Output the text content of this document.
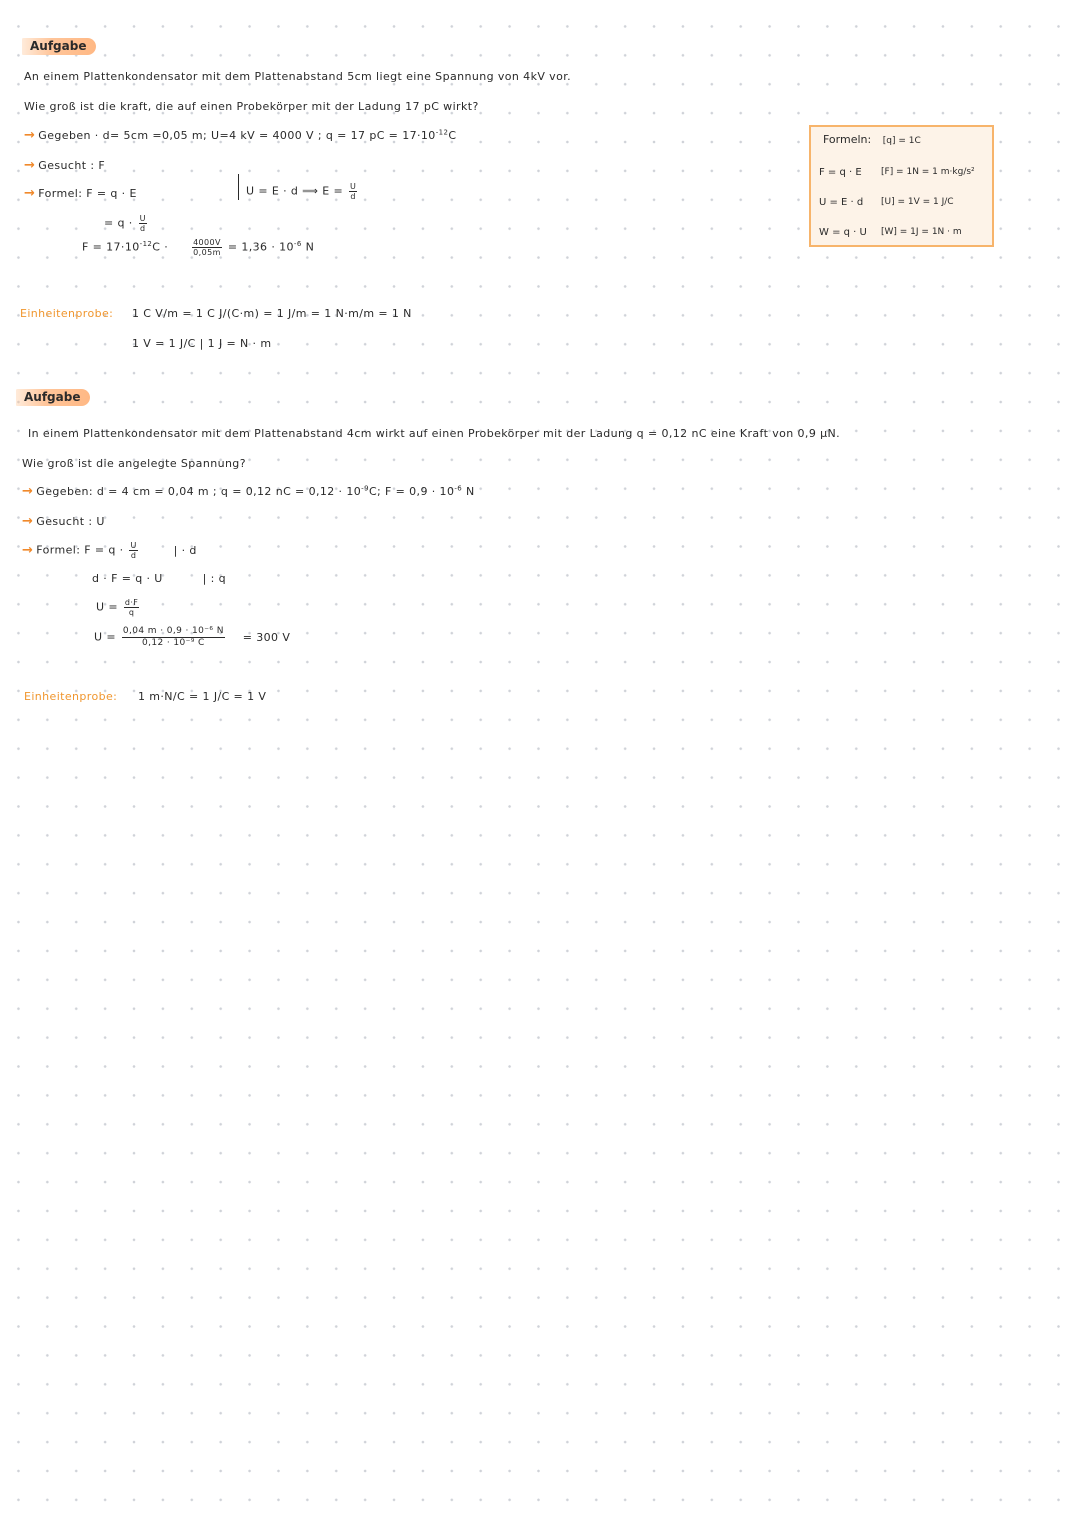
Aufgabe
An einem Plattenkondensator mit dem Plattenabstand 5cm liegt eine Spannung von 4kV vor.
Wie groß ist die kraft, die auf einen Probekörper mit der Ladung 17 pC wirkt?
→ Gegeben · d= 5cm =0,05 m; U=4 kV = 4000 V ; q = 17 pC = $17\cdot 10^{-12}C$
→ Gesucht : F
→ Formel: F = q · E	U = E · d ⟹ $E = \frac{U}{d}$
= $q \cdot \frac{U}{d}$
$F = 17\cdot 10^{-12}C$ ·	$\frac{4000V}{0,05m} = 1,36 \cdot 10^{-6}$ N
Einheitenprobe: 1 C V/m = 1 C J/(C·m) = 1 J/m = 1 N·m/m = 1 N
1 V = 1 J/C | 1 J = N · m
Formeln: [q] = 1C
F = q · E [F] = 1N = 1 m·kg/s²
U = E · d [U] = 1V = 1 J/C
W = q · U [W] = 1J = 1N · m
Aufgabe
In einem Plattenkondensator mit dem Plattenabstand 4cm wirkt auf einen Probekörper mit der Ladung q = 0,12 nC eine Kraft von 0,9 µN.
Wie groß ist die angelegte Spannung?
→ Gegeben: d = 4 cm = 0,04 m ; q = 0,12 nC = $0,12 \cdot 10^{-9}C$; $F = 0,9 \cdot 10^{-6}$ N
→ Gesucht : U
→ Formel: $F = q \cdot \frac{U}{d}$	| · d
d · F = q · U	| : q
$U = \frac{d\cdot F}{q}$
$U = \frac{\text{0,04 m · 0,9 · 10⁻⁶ N}}{\text{0,12 · 10⁻⁹ C}} = 300$ V
Einheitenprobe: 1 m·N/C = 1 J/C = 1 V
